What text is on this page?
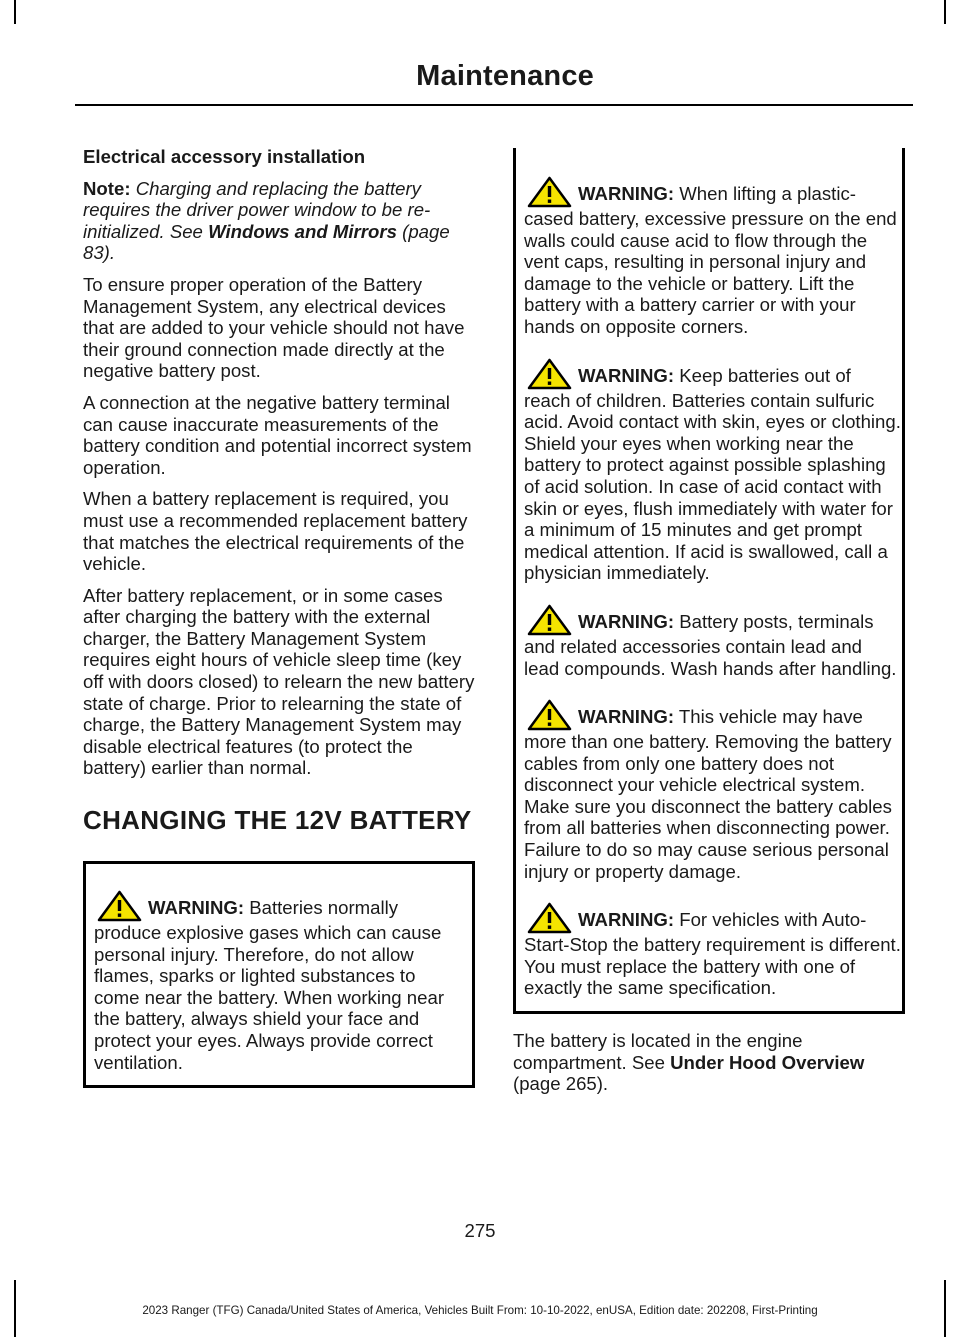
Maintenance
Electrical accessory installation

Note: Charging and replacing the battery requires the driver power window to be re-initialized. See Windows and Mirrors (page 83).

To ensure proper operation of the Battery Management System, any electrical devices that are added to your vehicle should not have their ground connection made directly at the negative battery post.

A connection at the negative battery terminal can cause inaccurate measurements of the battery condition and potential incorrect system operation.

When a battery replacement is required, you must use a recommended replacement battery that matches the electrical requirements of the vehicle.

After battery replacement, or in some cases after charging the battery with the external charger, the Battery Management System requires eight hours of vehicle sleep time (key off with doors closed) to relearn the new battery state of charge. Prior to relearning the state of charge, the Battery Management System may disable electrical features (to protect the battery) earlier than normal.

CHANGING THE 12V BATTERY
WARNING: Batteries normally produce explosive gases which can cause personal injury. Therefore, do not allow flames, sparks or lighted substances to come near the battery. When working near the battery, always shield your face and protect your eyes. Always provide correct ventilation.
WARNING: When lifting a plastic-cased battery, excessive pressure on the end walls could cause acid to flow through the vent caps, resulting in personal injury and damage to the vehicle or battery. Lift the battery with a battery carrier or with your hands on opposite corners.
WARNING: Keep batteries out of reach of children. Batteries contain sulfuric acid. Avoid contact with skin, eyes or clothing. Shield your eyes when working near the battery to protect against possible splashing of acid solution. In case of acid contact with skin or eyes, flush immediately with water for a minimum of 15 minutes and get prompt medical attention. If acid is swallowed, call a physician immediately.
WARNING: Battery posts, terminals and related accessories contain lead and lead compounds. Wash hands after handling.
WARNING: This vehicle may have more than one battery. Removing the battery cables from only one battery does not disconnect your vehicle electrical system. Make sure you disconnect the battery cables from all batteries when disconnecting power. Failure to do so may cause serious personal injury or property damage.
WARNING: For vehicles with Auto-Start-Stop the battery requirement is different. You must replace the battery with one of exactly the same specification.

The battery is located in the engine compartment. See Under Hood Overview (page 265).

275
2023 Ranger (TFG) Canada/United States of America, Vehicles Built From: 10-10-2022, enUSA, Edition date: 202208, First-Printing
